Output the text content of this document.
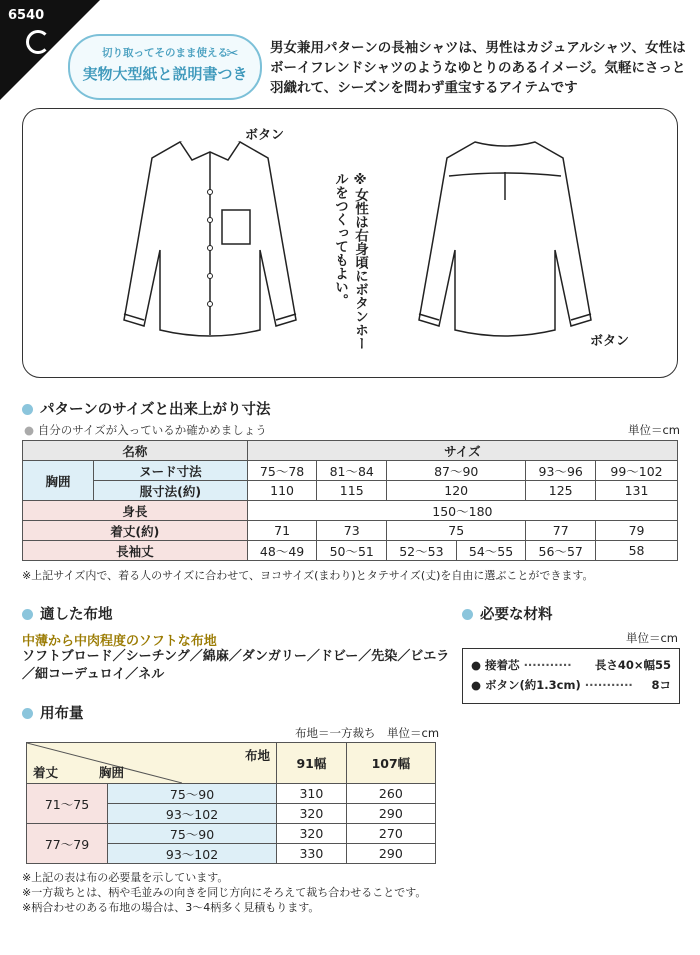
6540
切り取ってそのまま使える
実物大型紙と説明書つき
✂ 男女兼用パターンの長袖シャツは、男性はカジュアルシャツ、女性はボーイフレンドシャツのようなゆとりのあるイメージ。気軽にさっと羽織れて、シーズンを問わず重宝するアイテムです
ボタン
ボタン
※女性は右身頃にボタンホールをつくってもよい。
パターンのサイズと出来上がり寸法
● 自分のサイズが入っているか確かめましょう	単位＝cm
名称		サイズ					
胸囲	ヌード寸法	75〜78	81〜84	87〜90		93〜96	99〜102
	服寸法(約)	110	115	120		125	131
身長		150〜180					
着丈(約)		71	73	75		77	79
長袖丈		48〜49	50〜51	52〜53	54〜55	56〜57	58
※上記サイズ内で、着る人のサイズに合わせて、ヨコサイズ(まわり)とタテサイズ(丈)を自由に選ぶことができます。
適した布地
中薄から中肉程度のソフトな布地
ソフトブロード／シーチング／綿麻／ダンガリー／ドビー／先染／ビエラ／細コーデュロイ／ネル
必要な材料
単位＝cm
● 接着芯 ··········· 長さ40×幅55
● ボタン(約1.3cm) ··········· 8コ
用布量
布地＝一方裁ち　単位＝cm
布地
着丈 胸囲		91幅	107幅
71〜75	75〜90	310	260
	93〜102	320	290
77〜79	75〜90	320	270
	93〜102	330	290
※上記の表は布の必要量を示しています。
※一方裁ちとは、柄や毛並みの向きを同じ方向にそろえて裁ち合わせることです。
※柄合わせのある布地の場合は、3〜4柄多く見積もります。
